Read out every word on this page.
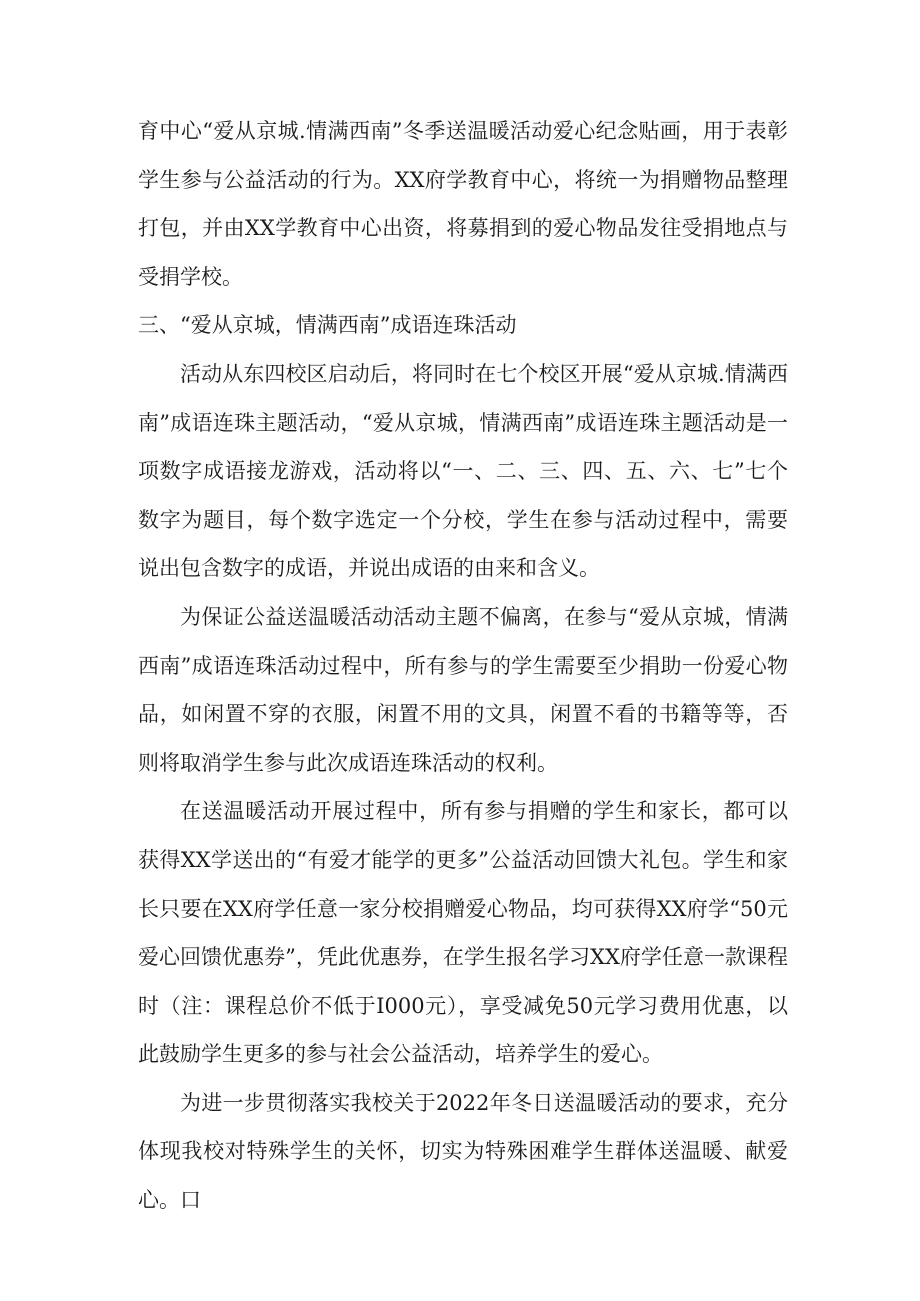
育中心“爱从京城.情满西南”冬季送温暖活动爱心纪念贴画，用于表彰学生参与公益活动的行为。XX府学教育中心，将统一为捐赠物品整理打包，并由XX学教育中心出资，将募捐到的爱心物品发往受捐地点与受捐学校。

三、“爱从京城，情满西南”成语连珠活动

活动从东四校区启动后，将同时在七个校区开展“爱从京城.情满西南”成语连珠主题活动，“爱从京城，情满西南”成语连珠主题活动是一项数字成语接龙游戏，活动将以“一、二、三、四、五、六、七”七个数字为题目，每个数字选定一个分校，学生在参与活动过程中，需要说出包含数字的成语，并说出成语的由来和含义。

为保证公益送温暖活动活动主题不偏离，在参与“爱从京城，情满西南”成语连珠活动过程中，所有参与的学生需要至少捐助一份爱心物品，如闲置不穿的衣服，闲置不用的文具，闲置不看的书籍等等，否则将取消学生参与此次成语连珠活动的权利。

在送温暖活动开展过程中，所有参与捐赠的学生和家长，都可以获得XX学送出的“有爱才能学的更多”公益活动回馈大礼包。学生和家长只要在XX府学任意一家分校捐赠爱心物品，均可获得XX府学“50元爱心回馈优惠券”，凭此优惠券，在学生报名学习XX府学任意一款课程时（注：课程总价不低于I000元），享受减免50元学习费用优惠，以此鼓励学生更多的参与社会公益活动，培养学生的爱心。

为进一步贯彻落实我校关于2022年冬日送温暖活动的要求，充分体现我校对特殊学生的关怀，切实为特殊困难学生群体送温暖、献爱心。口
